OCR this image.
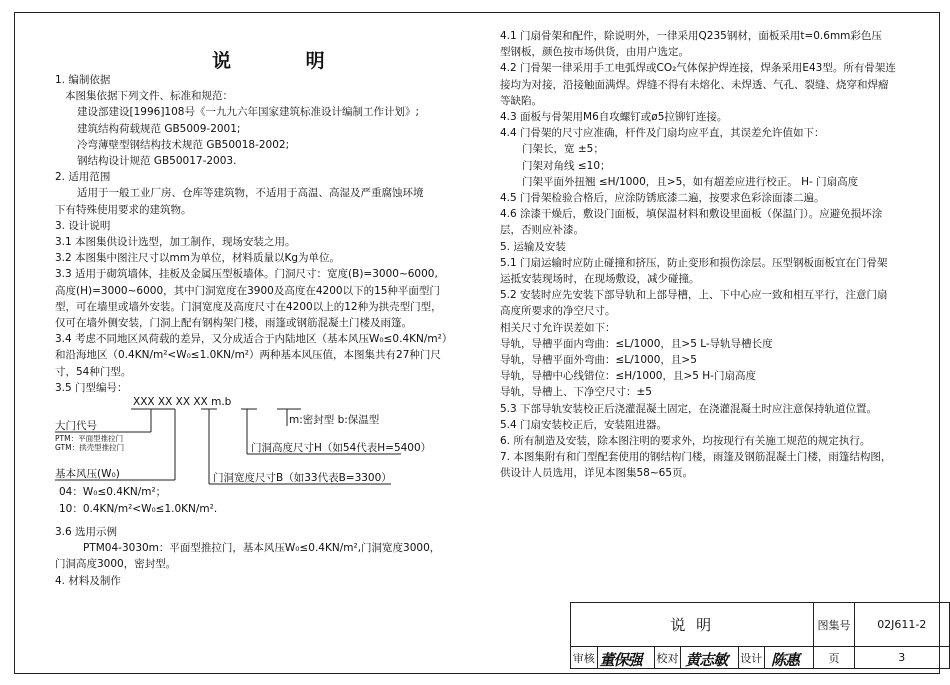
说 明

1. 编制依据

本图集依据下列文件、标准和规范：

建设部建设[1996]108号《一九九六年国家建筑标准设计编制工作计划》;

建筑结构荷载规范 GB5009-2001;

冷弯薄壁型钢结构技术规范 GB50018-2002;

钢结构设计规范 GB50017-2003.

2. 适用范围

适用于一般工业厂房、仓库等建筑物，不适用于高温、高湿及严重腐蚀环境

下有特殊使用要求的建筑物。

3. 设计说明

3.1 本图集供设计选型，加工制作，现场安装之用。

3.2 本图集中图注尺寸以mm为单位，材料质量以Kg为单位。

3.3 适用于砌筑墙体，挂板及金属压型板墙体。门洞尺寸：宽度(B)=3000~6000,

高度(H)=3000~6000，其中门洞宽度在3900及高度在4200以下的15种平面型门

型，可在墙里或墙外安装。门洞宽度及高度尺寸在4200以上的12种为拱壳型门型，

仅可在墙外侧安装，门洞上配有钢构架门楼，雨篷或钢筋混凝土门楼及雨篷。

3.4 考虑不同地区风荷载的差异，又分成适合于内陆地区（基本风压W₀≤0.4KN/m²）

和沿海地区（0.4KN/m²<W₀≤1.0KN/m²）两种基本风压值，本图集共有27种门尺

寸，54种门型。

3.5 门型编号：

XXX XX XX XX m.b
m:密封型 b:保温型
大门代号
PTM：平面型推拉门
GTM：拱壳型推拉门	门洞高度尺寸H（如54代表H=5400）
基本风压(W₀)	门洞宽度尺寸B（如33代表B=3300）
04：W₀≤0.4KN/m²；
10：0.4KN/m²<W₀≤1.0KN/m².

3.6 选用示例

PTM04-3030m：平面型推拉门，基本风压W₀≤0.4KN/m²,门洞宽度3000，

门洞高度3000，密封型。

4. 材料及制作

4.1 门扇骨架和配件，除说明外，一律采用Q235钢材，面板采用t=0.6mm彩色压

型钢板，颜色按市场供货，由用户选定。

4.2 门骨架一律采用手工电弧焊或CO₂气体保护焊连接，焊条采用E43型。所有骨架连

接均为对接，沿接触面满焊。焊缝不得有未熔化、未焊透、气孔、裂缝、烧穿和焊瘤

等缺陷。

4.3 面板与骨架用M6自攻螺钉或ø5拉铆钉连接。

4.4 门骨架的尺寸应准确，杆件及门扇均应平直，其误差允许值如下：

门架长，宽 ±5；

门架对角线 ≤10；

门架平面外扭翘 ≤H/1000，且>5，如有超差应进行校正。 H- 门扇高度

4.5 门骨架检验合格后，应涂防锈底漆二遍，按要求色彩涂面漆二遍。

4.6 涂漆干燥后，敷设门面板，填保温材料和敷设里面板（保温门）。应避免损坏涂

层，否则应补漆。

5. 运输及安装

5.1 门扇运输时应防止碰撞和挤压，防止变形和损伤涂层。压型钢板面板宜在门骨架

运抵安装现场时，在现场敷设，减少碰撞。

5.2 安装时应先安装下部导轨和上部导槽，上、下中心应一致和相互平行，注意门扇

高度所要求的净空尺寸。

相关尺寸允许误差如下：

导轨，导槽平面内弯曲：≤L/1000，且>5 L-导轨导槽长度

导轨，导槽平面外弯曲：≤L/1000，且>5

导轨，导槽中心线错位：≤H/1000，且>5 H-门扇高度

导轨，导槽上、下净空尺寸：±5

5.3 下部导轨安装校正后浇灌混凝土固定，在浇灌混凝土时应注意保持轨道位置。

5.4 门扇安装校正后，安装阻进器。

6. 所有制造及安装，除本图注明的要求外，均按现行有关施工规范的规定执行。

7. 本图集附有和门型配套使用的钢结构门楼，雨篷及钢筋混凝土门楼，雨篷结构图，

供设计人员选用，详见本图集58~65页。

说 明						图集号	02J611-2
审核	董保强	校对	黄志敏	设计	陈惠	页	3
